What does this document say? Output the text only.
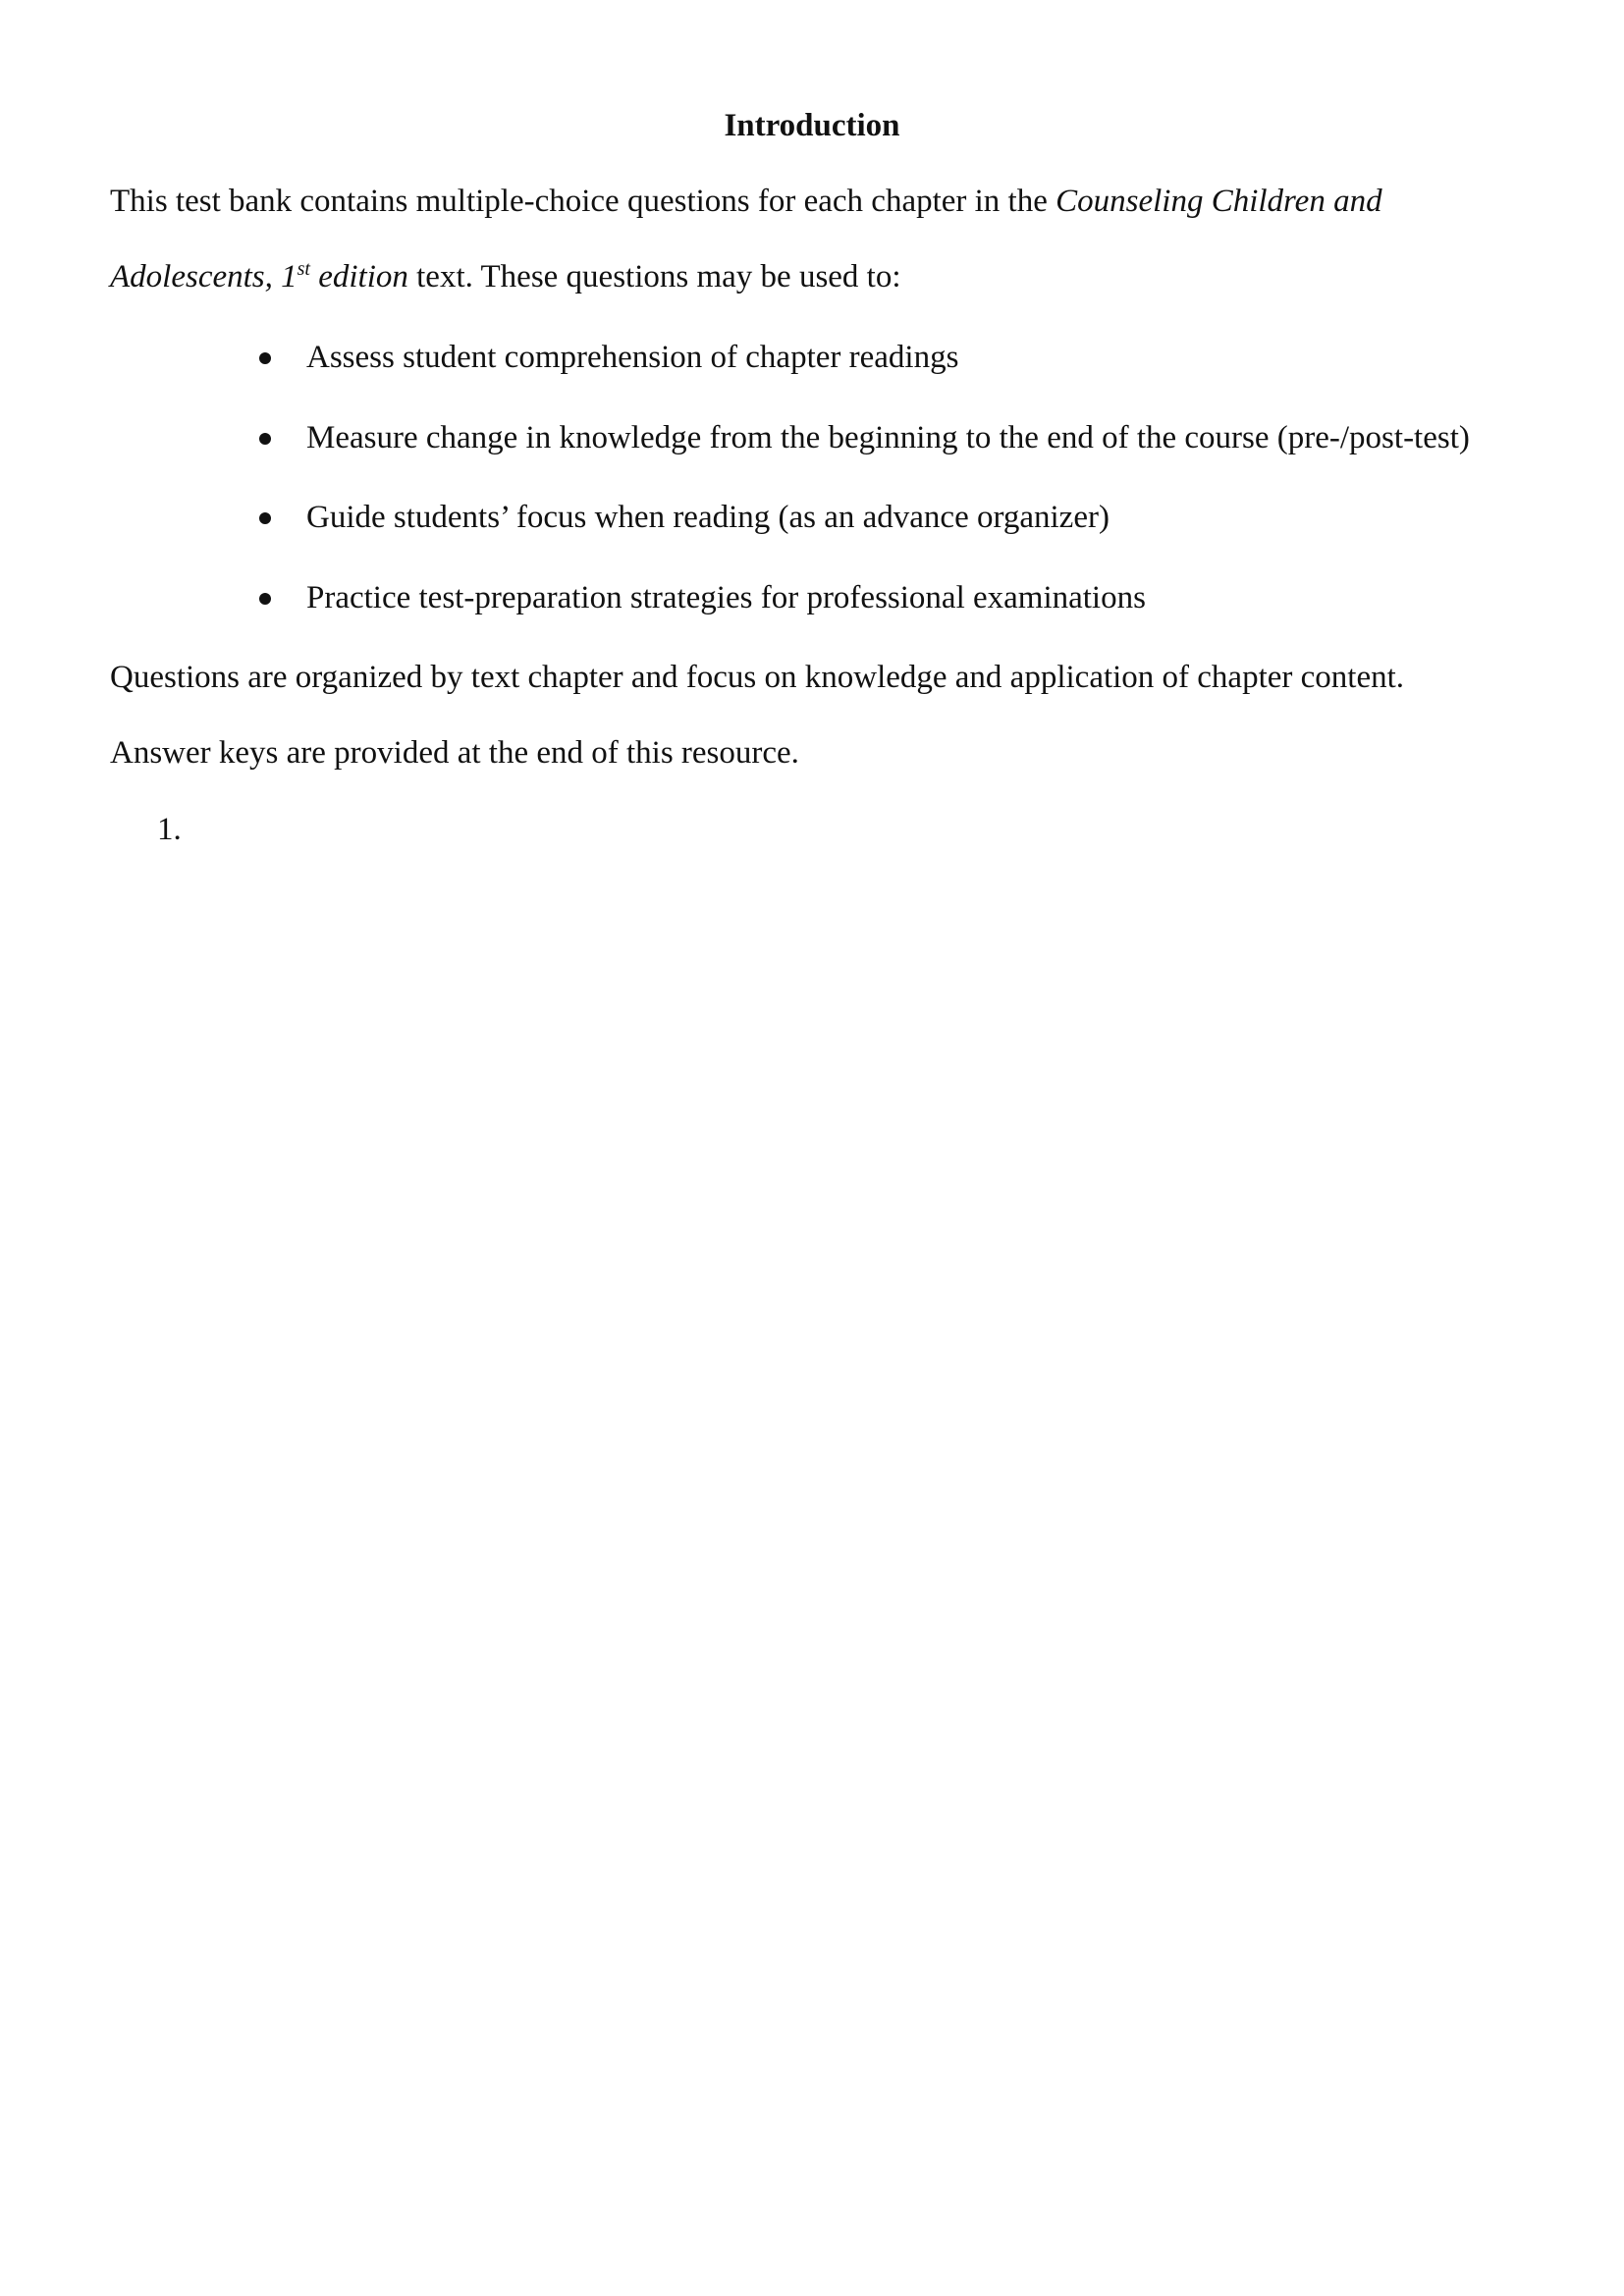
Introduction
This test bank contains multiple-choice questions for each chapter in the Counseling Children and
Adolescents, 1st edition text. These questions may be used to:
Assess student comprehension of chapter readings
Measure change in knowledge from the beginning to the end of the course (pre-/post-test)
Guide students’ focus when reading (as an advance organizer)
Practice test-preparation strategies for professional examinations
Questions are organized by text chapter and focus on knowledge and application of chapter content.
Answer keys are provided at the end of this resource.
1.
